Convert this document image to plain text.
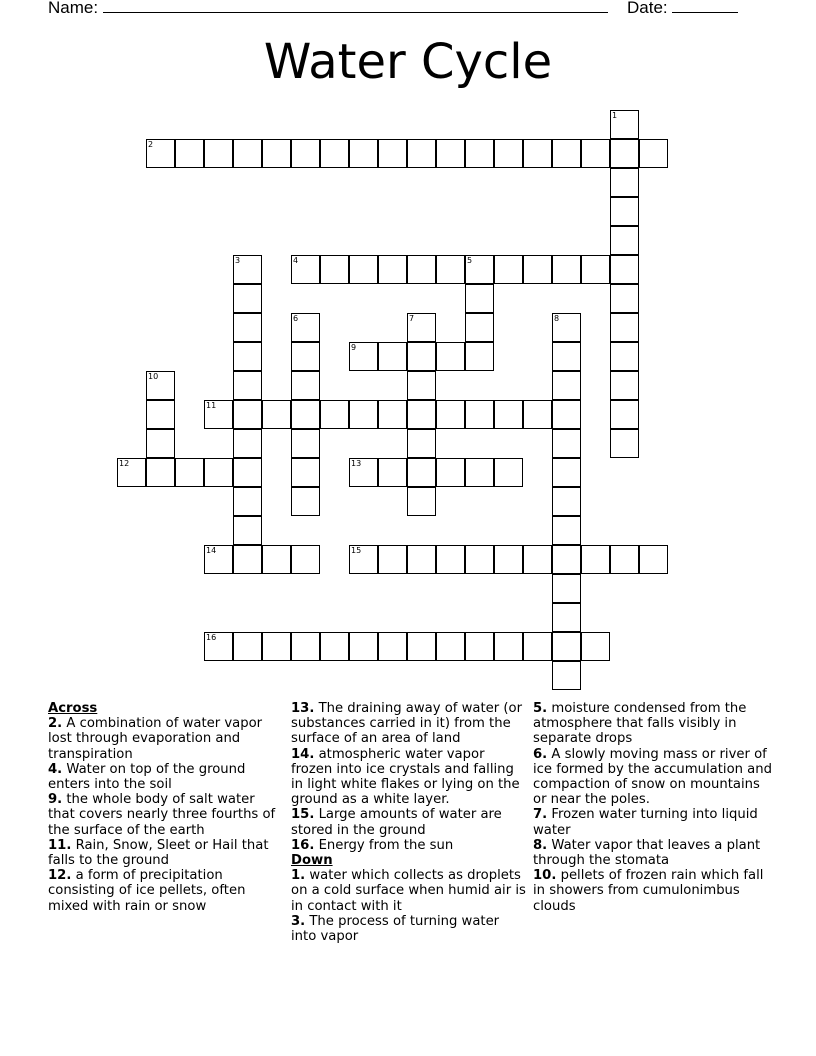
Name:	Date:
Water Cycle
1
2
3	4	5
6	7	8
9
10
11
12	13
14	15
16
Across
2. A combination of water vapor lost through evaporation and transpiration
4. Water on top of the ground enters into the soil
9. the whole body of salt water that covers nearly three fourths of the surface of the earth
11. Rain, Snow, Sleet or Hail that falls to the ground
12. a form of precipitation consisting of ice pellets, often mixed with rain or snow
13. The draining away of water (or substances carried in it) from the surface of an area of land
14. atmospheric water vapor frozen into ice crystals and falling in light white flakes or lying on the ground as a white layer.
15. Large amounts of water are stored in the ground
16. Energy from the sun
Down
1. water which collects as droplets on a cold surface when humid air is in contact with it
3. The process of turning water into vapor
5. moisture condensed from the atmosphere that falls visibly in separate drops
6. A slowly moving mass or river of ice formed by the accumulation and compaction of snow on mountains or near the poles.
7. Frozen water turning into liquid water
8. Water vapor that leaves a plant through the stomata
10. pellets of frozen rain which fall in showers from cumulonimbus clouds
